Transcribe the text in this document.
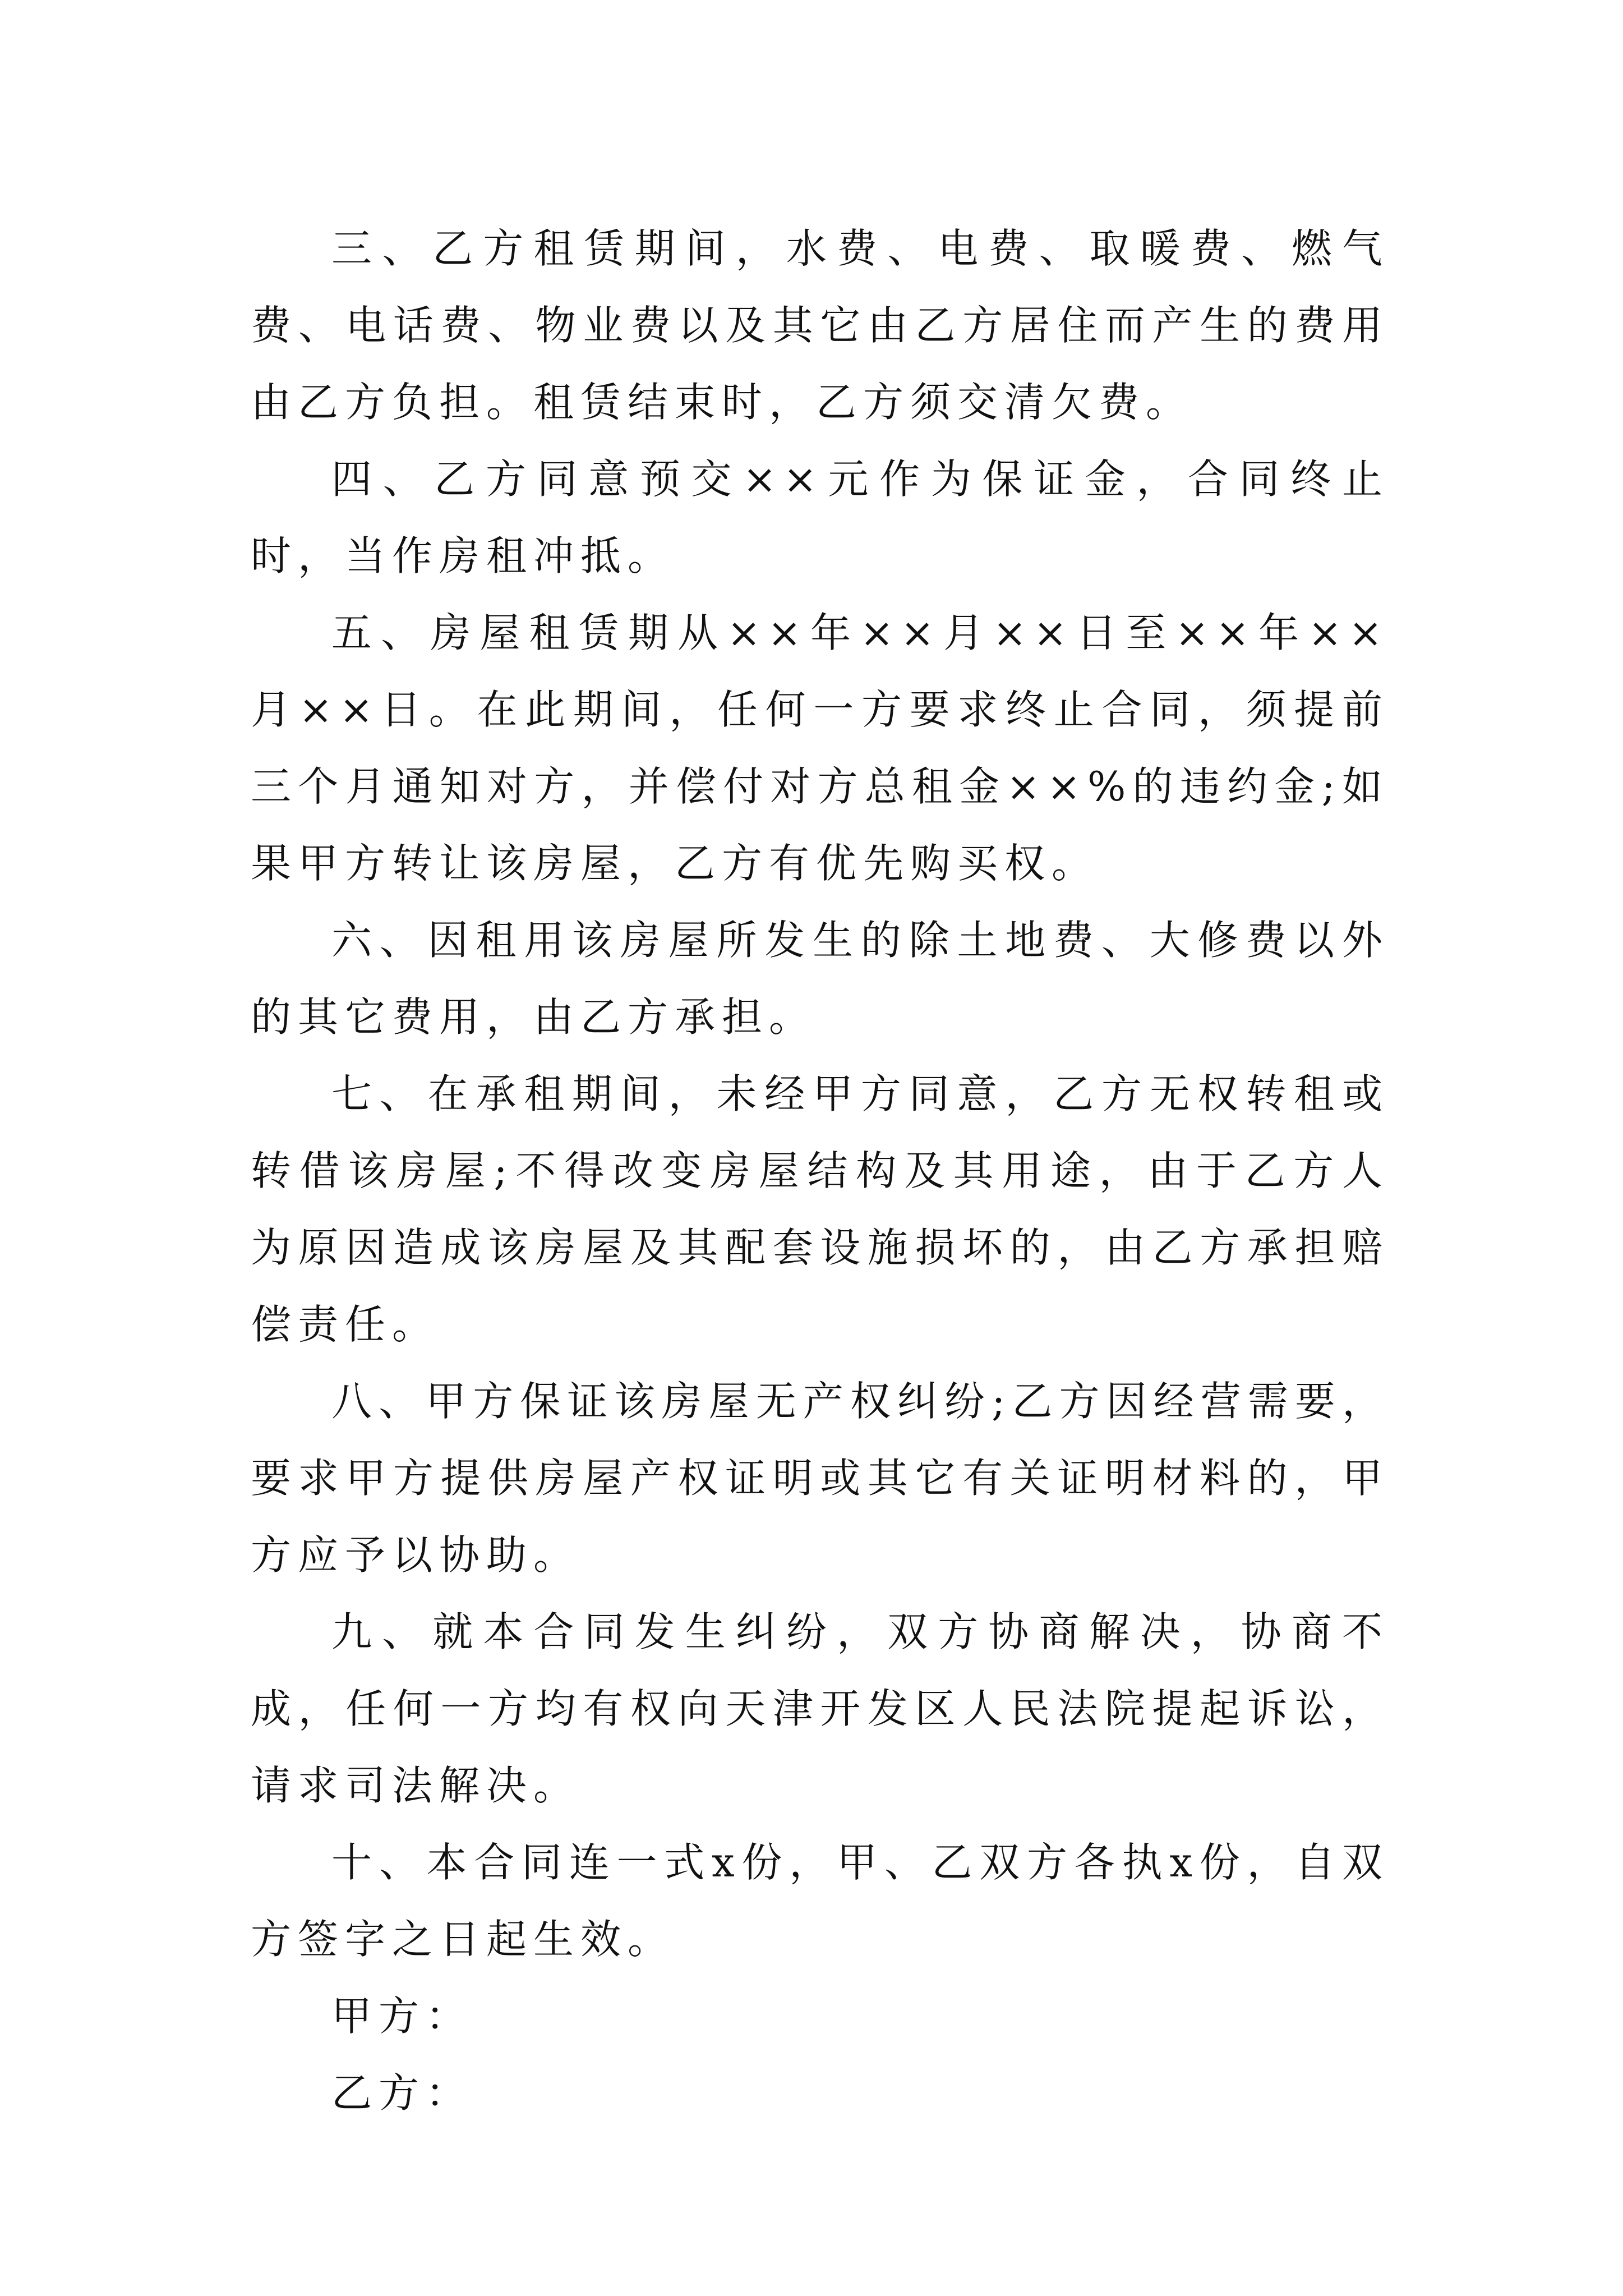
三、乙方租赁期间，水费、电费、取暖费、燃气费、电话费、物业费以及其它由乙方居住而产生的费用由乙方负担。租赁结束时，乙方须交清欠费。

四、乙方同意预交××元作为保证金，合同终止时，当作房租冲抵。

五、房屋租赁期从××年××月××日至××年××月××日。在此期间，任何一方要求终止合同，须提前三个月通知对方，并偿付对方总租金××%的违约金;如果甲方转让该房屋，乙方有优先购买权。

六、因租用该房屋所发生的除土地费、大修费以外的其它费用，由乙方承担。

七、在承租期间，未经甲方同意，乙方无权转租或转借该房屋;不得改变房屋结构及其用途，由于乙方人为原因造成该房屋及其配套设施损坏的，由乙方承担赔偿责任。

八、甲方保证该房屋无产权纠纷;乙方因经营需要，要求甲方提供房屋产权证明或其它有关证明材料的，甲方应予以协助。

九、就本合同发生纠纷，双方协商解决，协商不成，任何一方均有权向天津开发区人民法院提起诉讼，请求司法解决。

十、本合同连一式x份，甲、乙双方各执x份，自双方签字之日起生效。

甲方：

乙方：
